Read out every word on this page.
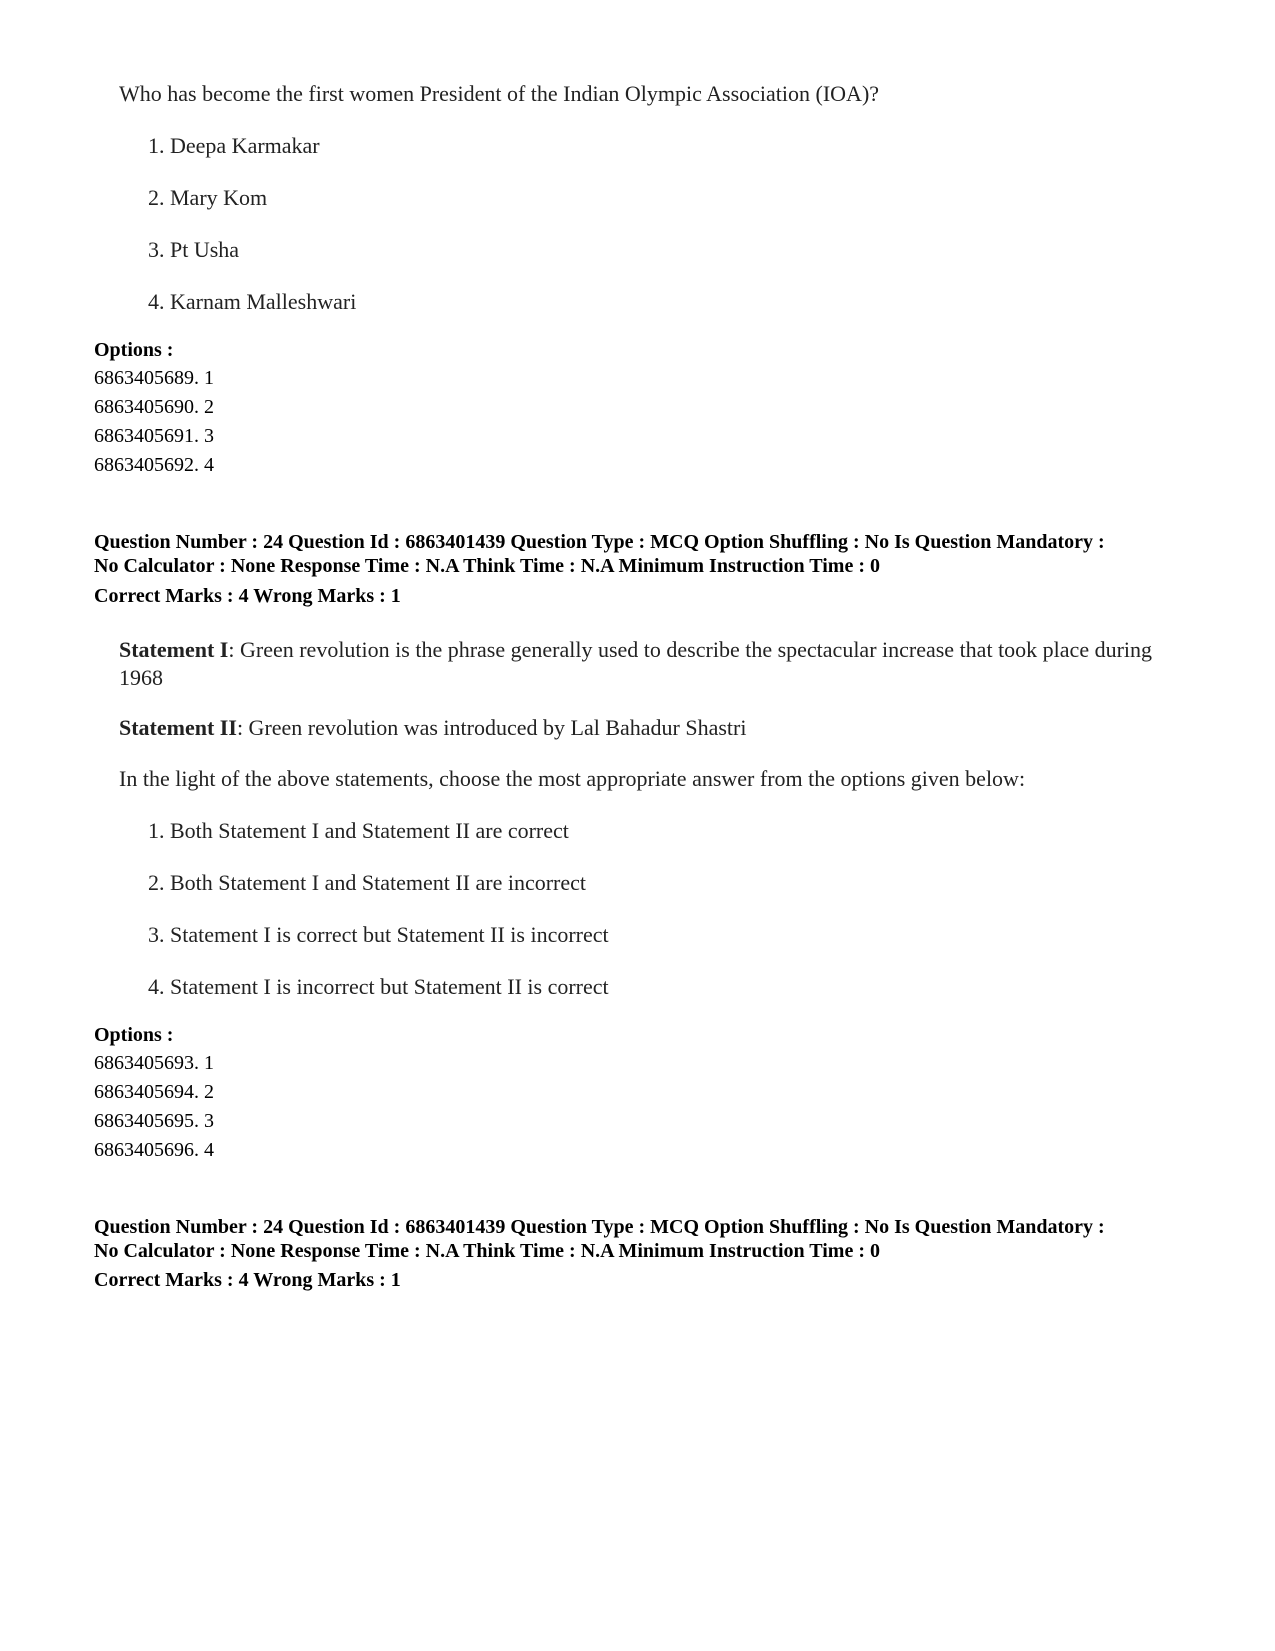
Who has become the first women President of the Indian Olympic Association (IOA)?
1. Deepa Karmakar
2. Mary Kom
3. Pt Usha
4. Karnam Malleshwari
Options :
6863405689. 1
6863405690. 2
6863405691. 3
6863405692. 4
Question Number : 24 Question Id : 6863401439 Question Type : MCQ Option Shuffling : No Is Question Mandatory :
No Calculator : None Response Time : N.A Think Time : N.A Minimum Instruction Time : 0
Correct Marks : 4 Wrong Marks : 1
Statement I: Green revolution is the phrase generally used to describe the spectacular increase that took place during 1968
Statement II: Green revolution was introduced by Lal Bahadur Shastri
In the light of the above statements, choose the most appropriate answer from the options given below:
1. Both Statement I and Statement II are correct
2. Both Statement I and Statement II are incorrect
3. Statement I is correct but Statement II is incorrect
4. Statement I is incorrect but Statement II is correct
Options :
6863405693. 1
6863405694. 2
6863405695. 3
6863405696. 4
Question Number : 24 Question Id : 6863401439 Question Type : MCQ Option Shuffling : No Is Question Mandatory :
No Calculator : None Response Time : N.A Think Time : N.A Minimum Instruction Time : 0
Correct Marks : 4 Wrong Marks : 1
